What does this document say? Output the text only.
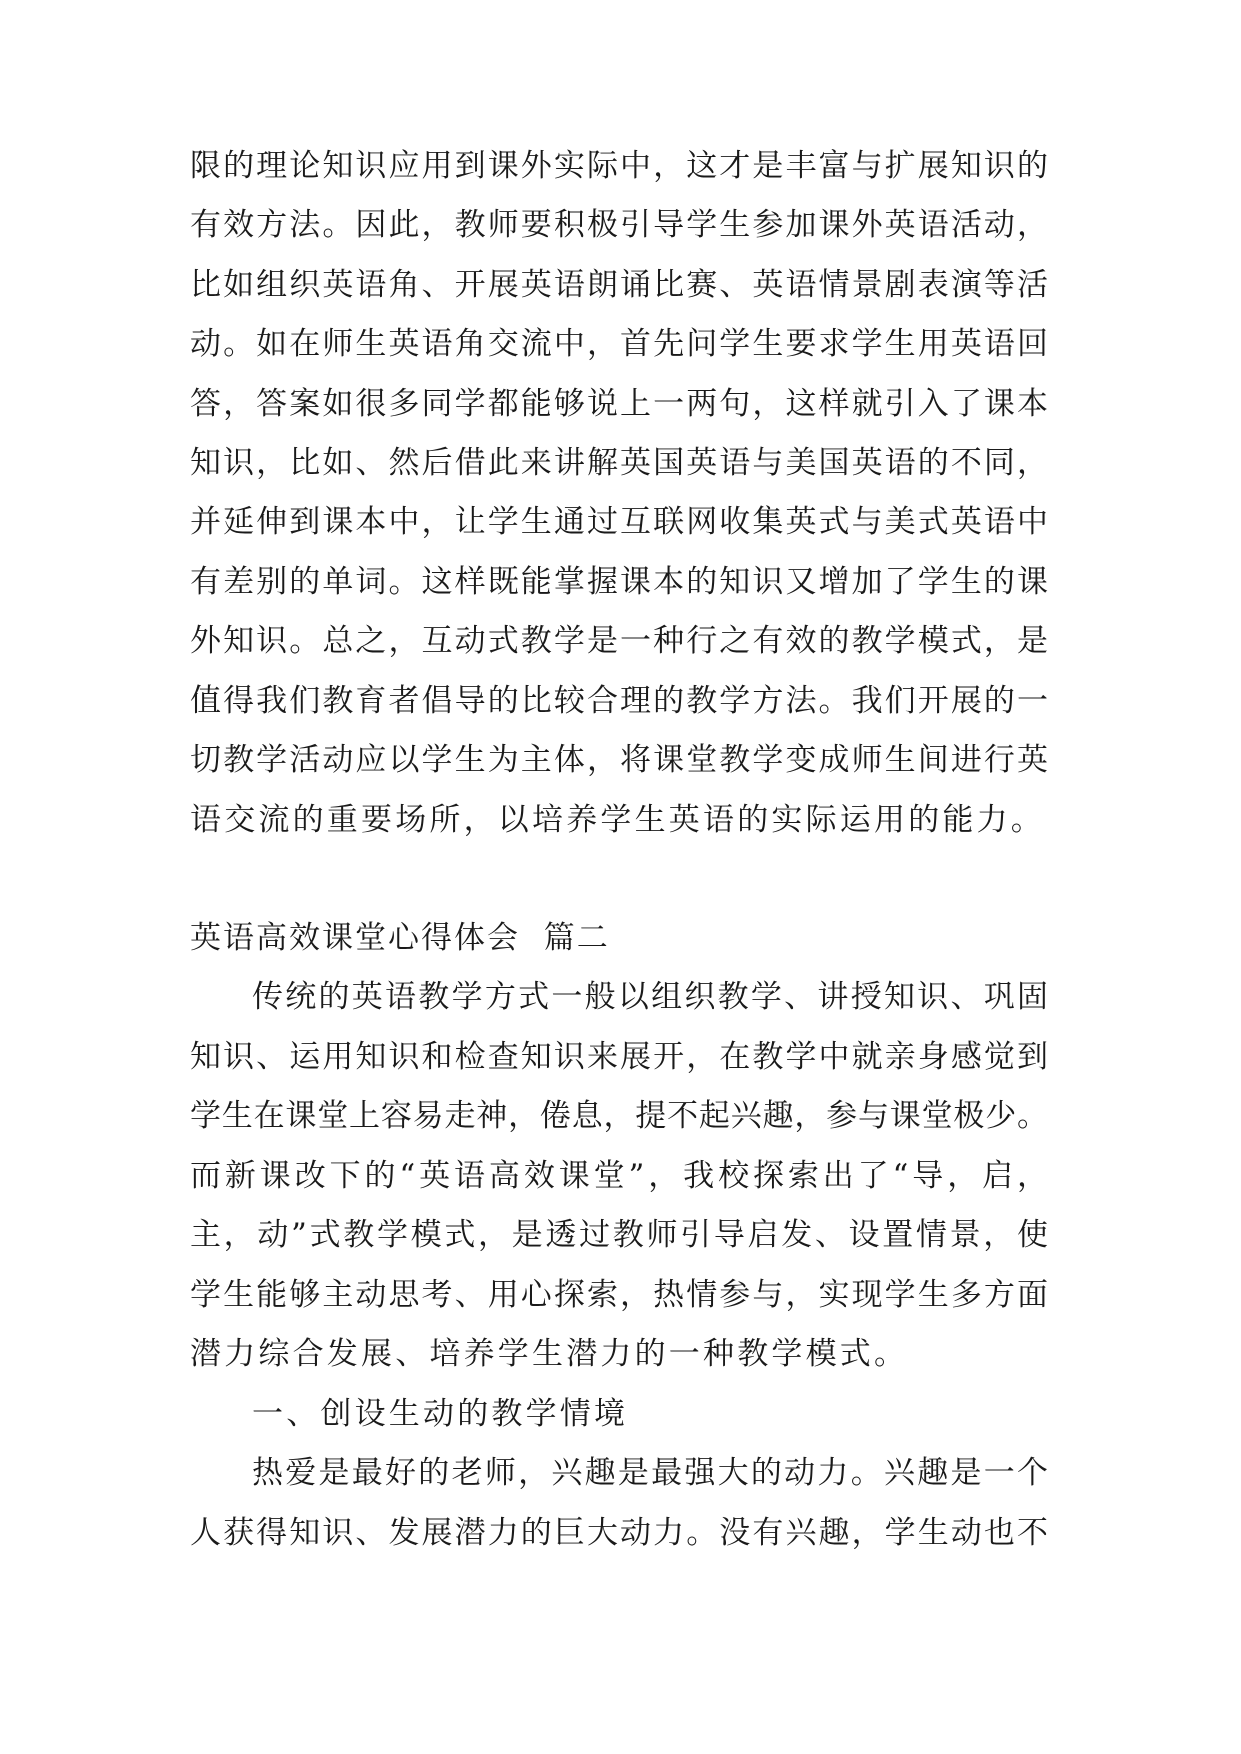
限的理论知识应用到课外实际中，这才是丰富与扩展知识的
有效方法。因此，教师要积极引导学生参加课外英语活动，
比如组织英语角、开展英语朗诵比赛、英语情景剧表演等活
动。如在师生英语角交流中，首先问学生要求学生用英语回
答，答案如很多同学都能够说上一两句，这样就引入了课本
知识，比如、然后借此来讲解英国英语与美国英语的不同，
并延伸到课本中，让学生通过互联网收集英式与美式英语中
有差别的单词。这样既能掌握课本的知识又增加了学生的课
外知识。总之，互动式教学是一种行之有效的教学模式，是
值得我们教育者倡导的比较合理的教学方法。我们开展的一
切教学活动应以学生为主体，将课堂教学变成师生间进行英
语交流的重要场所，以培养学生英语的实际运用的能力。
英语高效课堂心得体会  篇二
传统的英语教学方式一般以组织教学、讲授知识、巩固
知识、运用知识和检查知识来展开，在教学中就亲身感觉到
学生在课堂上容易走神，倦息，提不起兴趣，参与课堂极少。
而新课改下的“英语高效课堂”，我校探索出了“导，启，
主，动”式教学模式，是透过教师引导启发、设置情景，使
学生能够主动思考、用心探索，热情参与，实现学生多方面
潜力综合发展、培养学生潜力的一种教学模式。
一、创设生动的教学情境
热爱是最好的老师，兴趣是最强大的动力。兴趣是一个
人获得知识、发展潜力的巨大动力。没有兴趣，学生动也不
